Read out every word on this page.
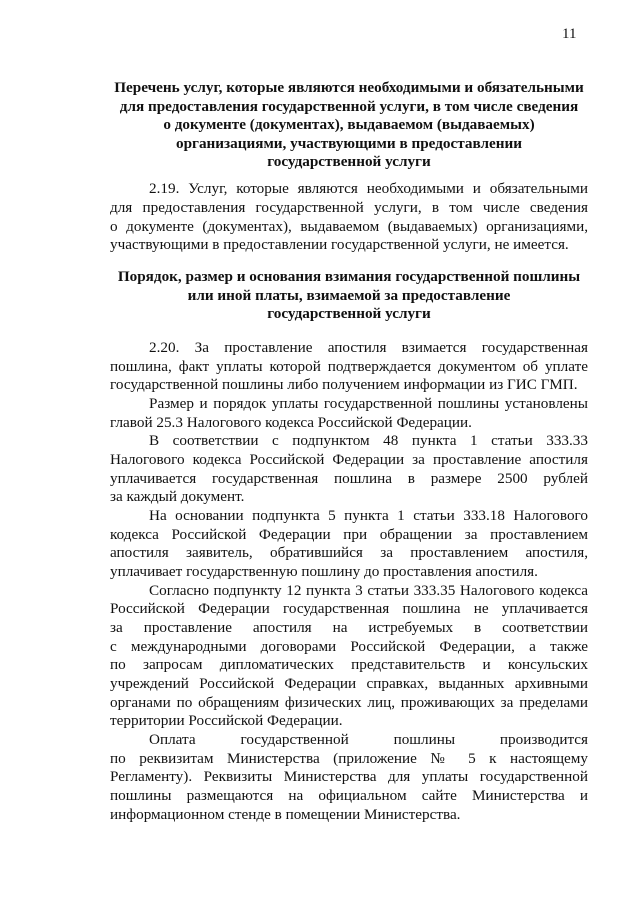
11
Перечень услуг, которые являются необходимыми и обязательными
для предоставления государственной услуги, в том числе сведения
о документе (документах), выдаваемом (выдаваемых)
организациями, участвующими в предоставлении
государственной услуги
2.19. Услуг, которые являются необходимыми и обязательными
для предоставления государственной услуги, в том числе сведения
о документе (документах), выдаваемом (выдаваемых) организациями,
участвующими в предоставлении государственной услуги, не имеется.
Порядок, размер и основания взимания государственной пошлины
или иной платы, взимаемой за предоставление
государственной услуги
2.20. За проставление апостиля взимается государственная
пошлина, факт уплаты которой подтверждается документом об уплате
государственной пошлины либо получением информации из ГИС ГМП.
Размер и порядок уплаты государственной пошлины установлены
главой 25.3 Налогового кодекса Российской Федерации.
В соответствии с подпунктом 48 пункта 1 статьи 333.33
Налогового кодекса Российской Федерации за проставление апостиля
уплачивается государственная пошлина в размере 2500 рублей
за каждый документ.
На основании подпункта 5 пункта 1 статьи 333.18 Налогового
кодекса Российской Федерации при обращении за проставлением
апостиля заявитель, обратившийся за проставлением апостиля,
уплачивает государственную пошлину до проставления апостиля.
Согласно подпункту 12 пункта 3 статьи 333.35 Налогового кодекса
Российской Федерации государственная пошлина не уплачивается
за проставление апостиля на истребуемых в соответствии
с международными договорами Российской Федерации, а также
по запросам дипломатических представительств и консульских
учреждений Российской Федерации справках, выданных архивными
органами по обращениям физических лиц, проживающих за пределами
территории Российской Федерации.
Оплата государственной пошлины производится
по реквизитам Министерства (приложение № 5 к настоящему
Регламенту). Реквизиты Министерства для уплаты государственной
пошлины размещаются на официальном сайте Министерства и
информационном стенде в помещении Министерства.
